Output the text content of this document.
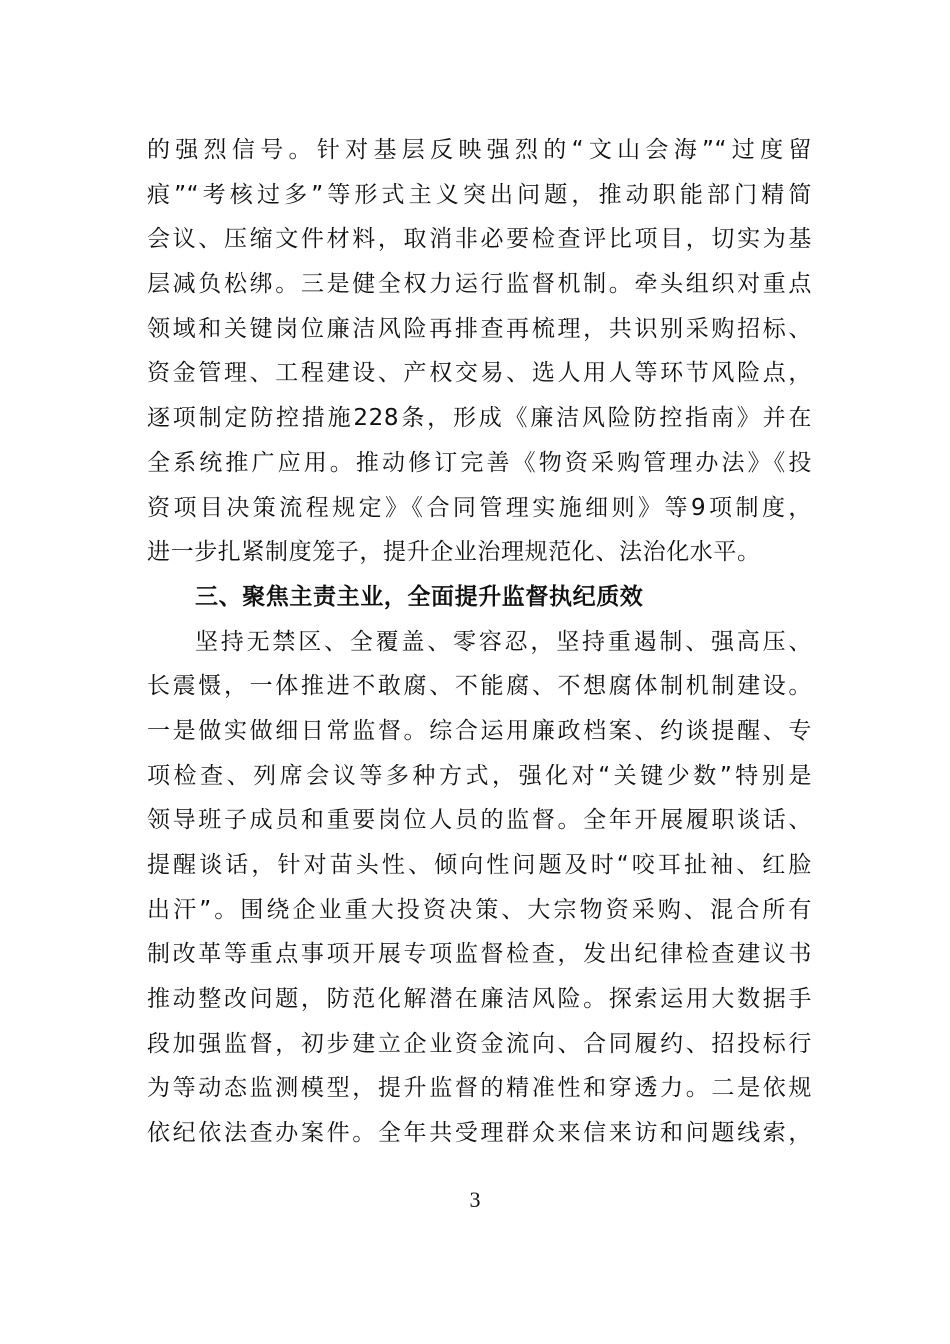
的强烈信号。针对基层反映强烈的“文山会海”“过度留
痕”“考核过多”等形式主义突出问题，推动职能部门精简
会议、压缩文件材料，取消非必要检查评比项目，切实为基
层减负松绑。三是健全权力运行监督机制。牵头组织对重点
领域和关键岗位廉洁风险再排查再梳理，共识别采购招标、
资金管理、工程建设、产权交易、选人用人等环节风险点，
逐项制定防控措施228条，形成《廉洁风险防控指南》并在
全系统推广应用。推动修订完善《物资采购管理办法》《投
资项目决策流程规定》《合同管理实施细则》等9项制度，
进一步扎紧制度笼子，提升企业治理规范化、法治化水平。
三、聚焦主责主业，全面提升监督执纪质效
坚持无禁区、全覆盖、零容忍，坚持重遏制、强高压、
长震慑，一体推进不敢腐、不能腐、不想腐体制机制建设。
一是做实做细日常监督。综合运用廉政档案、约谈提醒、专
项检查、列席会议等多种方式，强化对“关键少数”特别是
领导班子成员和重要岗位人员的监督。全年开展履职谈话、
提醒谈话，针对苗头性、倾向性问题及时“咬耳扯袖、红脸
出汗”。围绕企业重大投资决策、大宗物资采购、混合所有
制改革等重点事项开展专项监督检查，发出纪律检查建议书
推动整改问题，防范化解潜在廉洁风险。探索运用大数据手
段加强监督，初步建立企业资金流向、合同履约、招投标行
为等动态监测模型，提升监督的精准性和穿透力。二是依规
依纪依法查办案件。全年共受理群众来信来访和问题线索，
3
